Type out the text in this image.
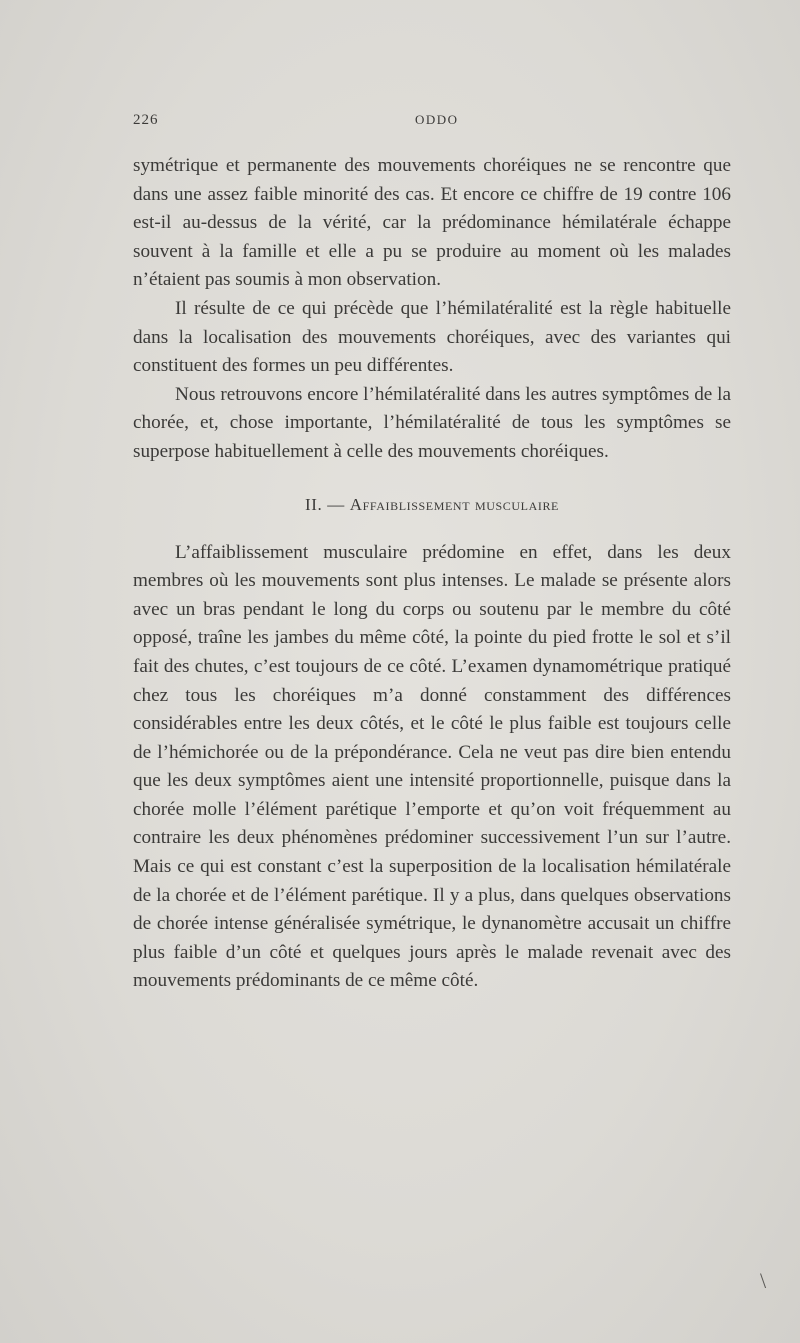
226	ODDO

symétrique et permanente des mouvements choréiques ne se rencontre que dans une assez faible minorité des cas. Et encore ce chiffre de 19 contre 106 est-il au-dessus de la vérité, car la prédominance hémilatérale échappe souvent à la famille et elle a pu se produire au moment où les malades n’étaient pas soumis à mon observation.

Il résulte de ce qui précède que l’hémilatéralité est la règle habituelle dans la localisation des mouvements choréiques, avec des variantes qui constituent des formes un peu différentes.

Nous retrouvons encore l’hémilatéralité dans les autres symptômes de la chorée, et, chose importante, l’hémilatéralité de tous les symptômes se superpose habituellement à celle des mouvements choréiques.

II. — Affaiblissement musculaire

L’affaiblissement musculaire prédomine en effet, dans les deux membres où les mouvements sont plus intenses. Le malade se présente alors avec un bras pendant le long du corps ou soutenu par le membre du côté opposé, traîne les jambes du même côté, la pointe du pied frotte le sol et s’il fait des chutes, c’est toujours de ce côté. L’examen dynamométrique pratiqué chez tous les choréiques m’a donné constamment des différences considérables entre les deux côtés, et le côté le plus faible est toujours celle de l’hémichorée ou de la prépondérance. Cela ne veut pas dire bien entendu que les deux symptômes aient une intensité proportionnelle, puisque dans la chorée molle l’élément parétique l’emporte et qu’on voit fréquemment au contraire les deux phénomènes prédominer successivement l’un sur l’autre. Mais ce qui est constant c’est la superposition de la localisation hémilatérale de la chorée et de l’élément parétique. Il y a plus, dans quelques observations de chorée intense généralisée symétrique, le dynanomètre accusait un chiffre plus faible d’un côté et quelques jours après le malade revenait avec des mouvements prédominants de ce même côté.

\
